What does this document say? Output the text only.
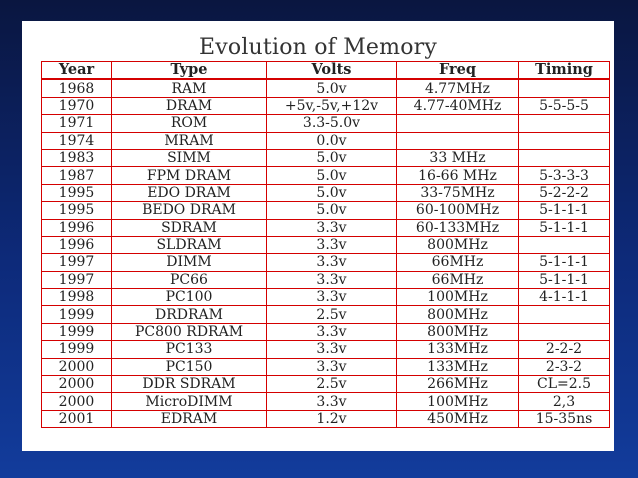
Evolution of Memory
Year	Type	Volts	Freq	Timing
1968	RAM	5.0v	4.77MHz	
1970	DRAM	+5v,-5v,+12v	4.77-40MHz	5-5-5-5
1971	ROM	3.3-5.0v		
1974	MRAM	0.0v		
1983	SIMM	5.0v	33 MHz	
1987	FPM DRAM	5.0v	16-66 MHz	5-3-3-3
1995	EDO DRAM	5.0v	33-75MHz	5-2-2-2
1995	BEDO DRAM	5.0v	60-100MHz	5-1-1-1
1996	SDRAM	3.3v	60-133MHz	5-1-1-1
1996	SLDRAM	3.3v	800MHz	
1997	DIMM	3.3v	66MHz	5-1-1-1
1997	PC66	3.3v	66MHz	5-1-1-1
1998	PC100	3.3v	100MHz	4-1-1-1
1999	DRDRAM	2.5v	800MHz	
1999	PC800 RDRAM	3.3v	800MHz	
1999	PC133	3.3v	133MHz	2-2-2
2000	PC150	3.3v	133MHz	2-3-2
2000	DDR SDRAM	2.5v	266MHz	CL=2.5
2000	MicroDIMM	3.3v	100MHz	2,3
2001	EDRAM	1.2v	450MHz	15-35ns
